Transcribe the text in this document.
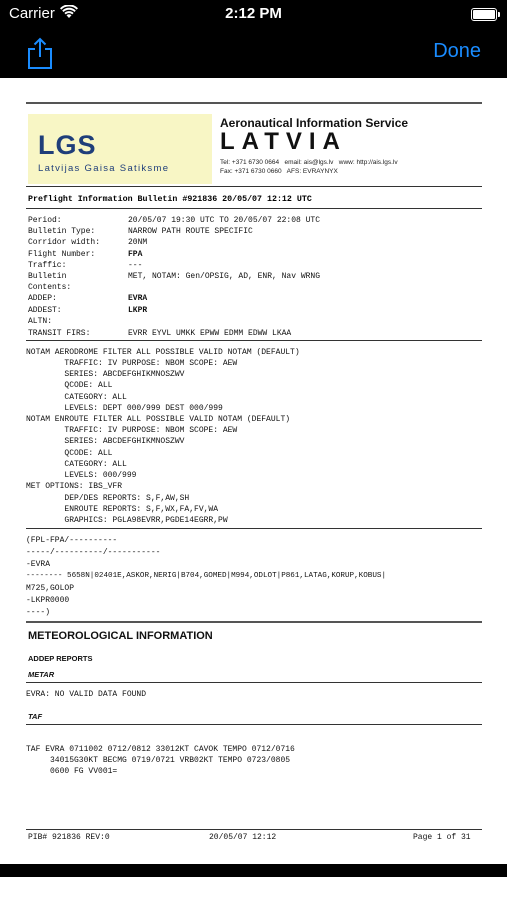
Carrier	2:12 PM
Done
LGS
Latvijas Gaisa Satiksme
Aeronautical Information Service
LATVIA
Tel: +371 6730 0664   email: ais@lgs.lv   www: http://ais.lgs.lv
Fax: +371 6730 0660   AFS: EVRAYNYX
Preflight Information Bulletin #921836 20/05/07 12:12 UTC
Period:	20/05/07 19:30 UTC TO 20/05/07 22:08 UTC
Bulletin Type:	NARROW PATH ROUTE SPECIFIC
Corridor width:	20NM
Flight Number:	FPA
Traffic:	---
Bulletin	MET, NOTAM: Gen/OPSIG, AD, ENR, Nav WRNG
Contents:
ADDEP:	EVRA
ADDEST:	LKPR
ALTN:
TRANSIT FIRS:	EVRR EYVL UMKK EPWW EDMM EDWW LKAA
NOTAM AERODROME FILTER ALL POSSIBLE VALID NOTAM (DEFAULT)
TRAFFIC: IV PURPOSE: NBOM SCOPE: AEW
SERIES: ABCDEFGHIKMNOSZWV
QCODE: ALL
CATEGORY: ALL
LEVELS: DEPT 000/999 DEST 000/999
NOTAM ENROUTE FILTER ALL POSSIBLE VALID NOTAM (DEFAULT)
TRAFFIC: IV PURPOSE: NBOM SCOPE: AEW
SERIES: ABCDEFGHIKMNOSZWV
QCODE: ALL
CATEGORY: ALL
LEVELS: 000/999
MET OPTIONS: IBS_VFR
DEP/DES REPORTS: S,F,AW,SH
ENROUTE REPORTS: S,F,WX,FA,FV,WA
GRAPHICS: PGLA98EVRR,PGDE14EGRR,PW
(FPL-FPA/----------
-----/----------/-----------
-EVRA
-------- 5658N|02401E,ASKOR,NERIG|B704,GOMED|M994,ODLOT|P861,LATAG,KORUP,KOBUS|
M725,GOLOP
-LKPR0000
----)
METEOROLOGICAL INFORMATION
ADDEP REPORTS
METAR
EVRA: NO VALID DATA FOUND
TAF
TAF EVRA 0711002 0712/0812 33012KT CAVOK TEMPO 0712/0716
34015G30KT BECMG 0719/0721 VRB02KT TEMPO 0723/0805
0600 FG VV001=
PIB# 921836 REV:0	20/05/07 12:12	Page 1 of 31
